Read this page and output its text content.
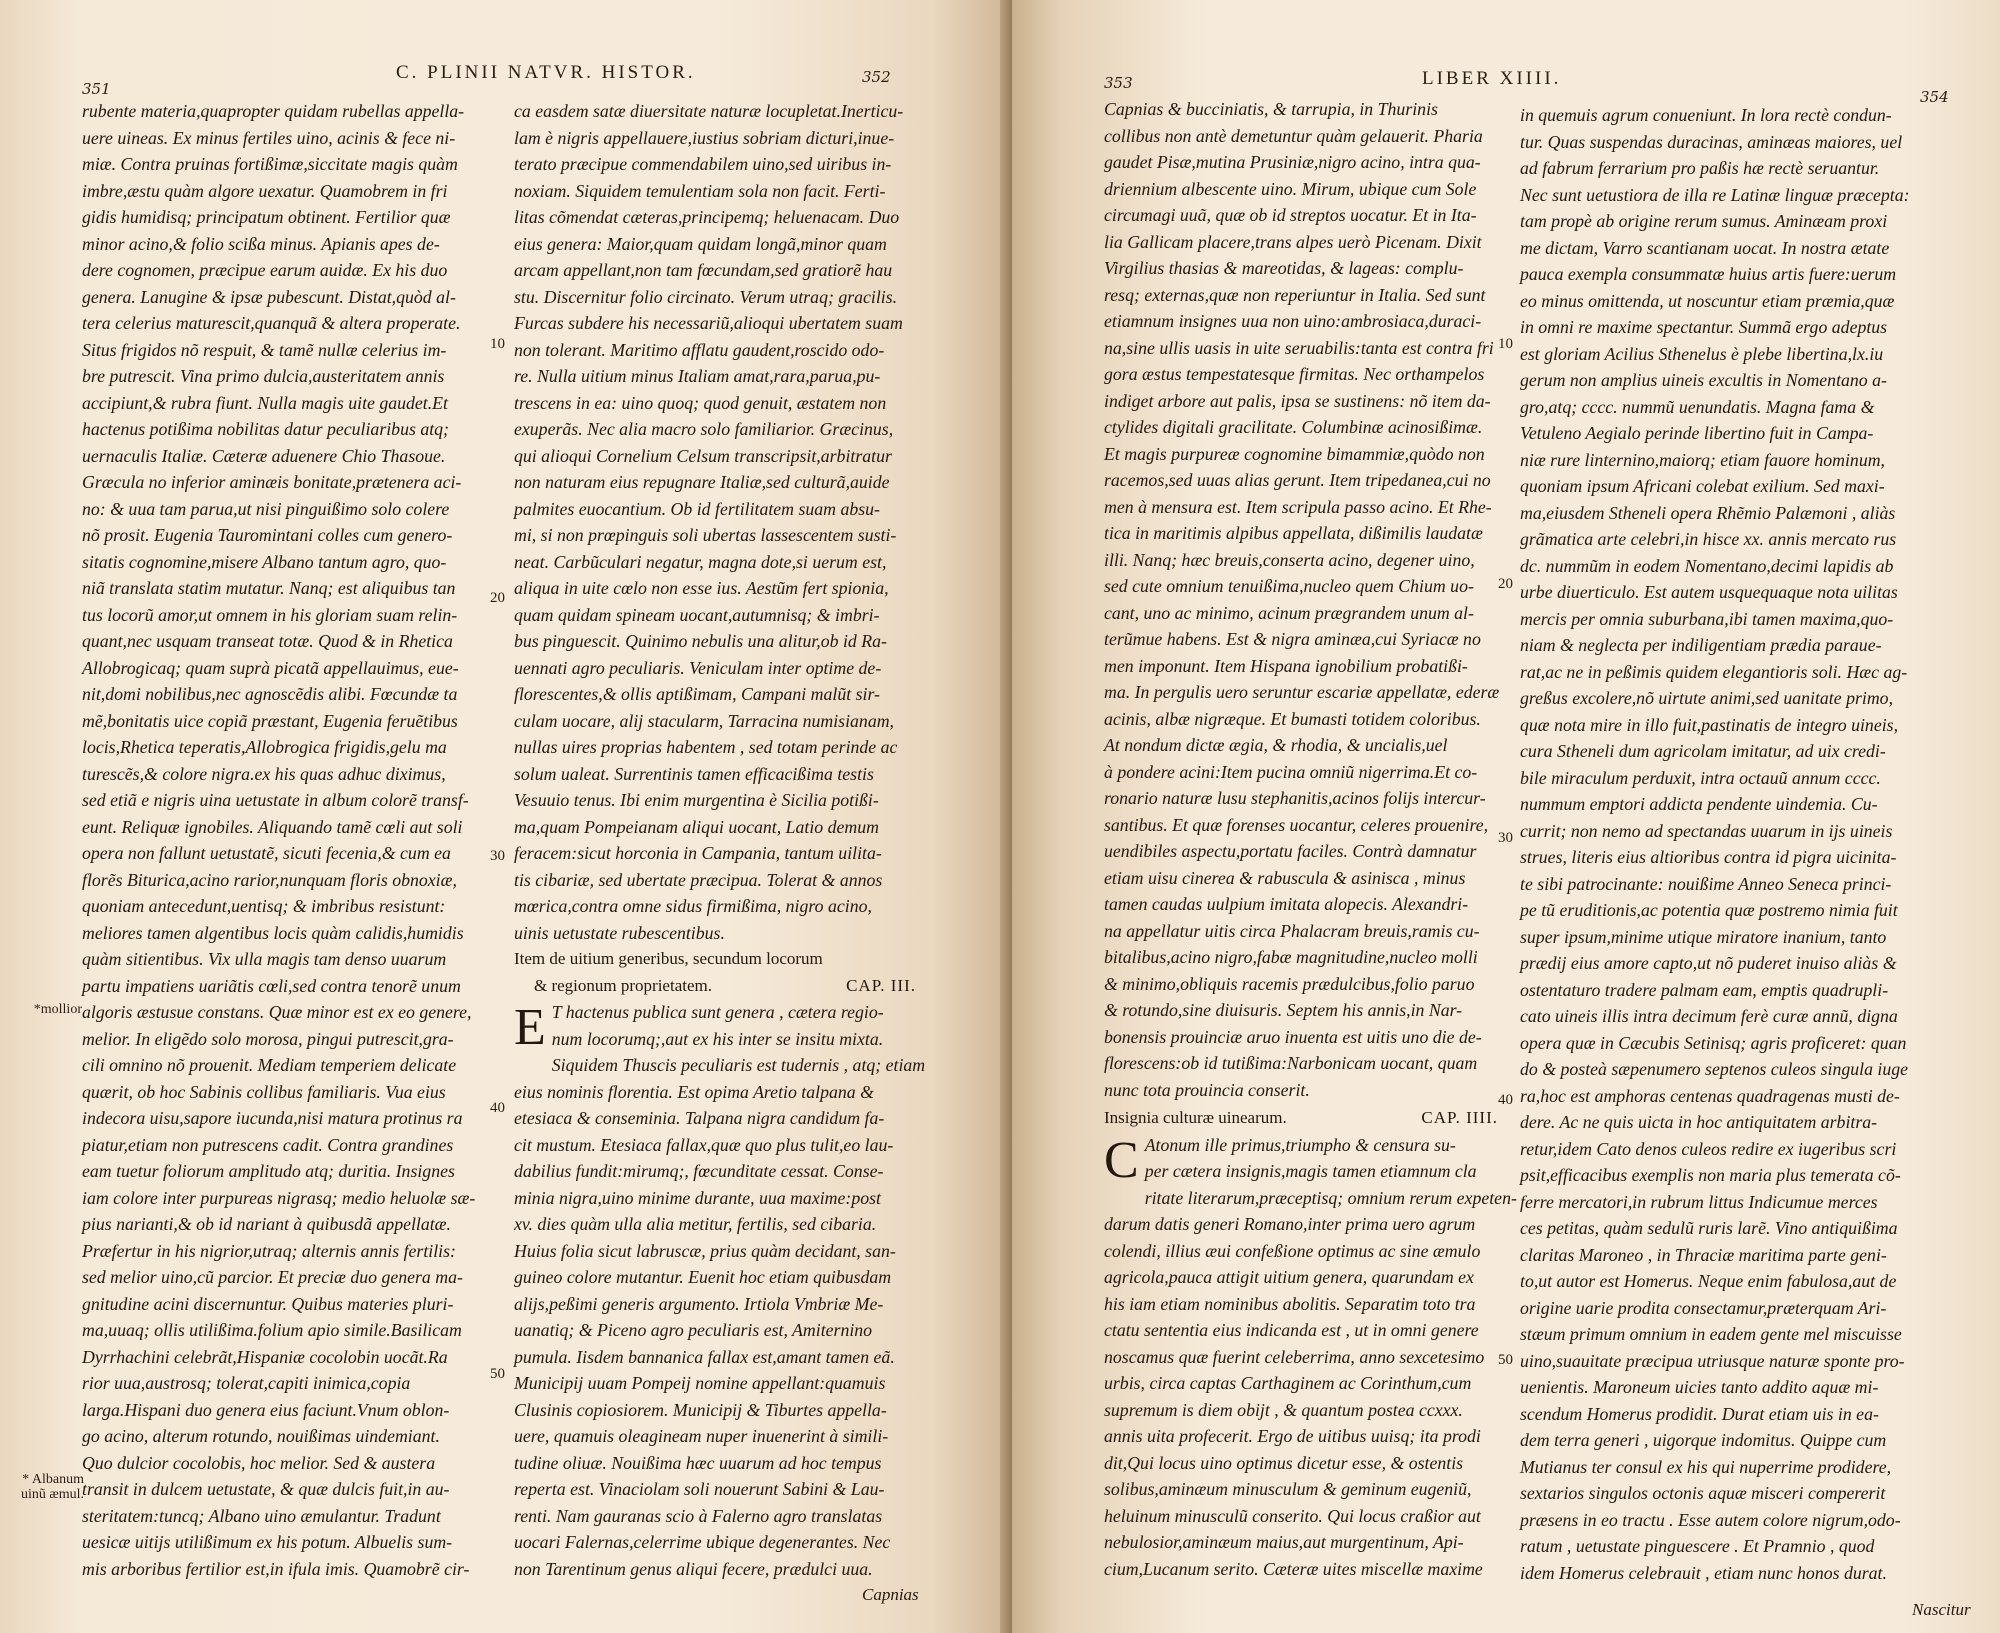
351
C. PLINII NATVR. HISTOR.	352
rubente materia,quapropter quidam rubellas appella-
uere uineas. Ex minus fertiles uino, acinis & fece ni-
miæ. Contra pruinas fortißimæ,siccitate magis quàm
imbre,æstu quàm algore uexatur. Quamobrem in fri
gidis humidisq; principatum obtinent. Fertilior quæ
minor acino,& folio scißa minus. Apianis apes de-
dere cognomen, præcipue earum auidæ. Ex his duo
genera. Lanugine & ipsæ pubescunt. Distat,quòd al-
tera celerius maturescit,quanquã & altera properate.
Situs frigidos nõ respuit, & tamẽ nullæ celerius im-
bre putrescit. Vina primo dulcia,austeritatem annis
accipiunt,& rubra fiunt. Nulla magis uite gaudet.Et
hactenus potißima nobilitas datur peculiaribus atq;
uernaculis Italiæ. Cæteræ aduenere Chio Thasoue.
Græcula no inferior aminæis bonitate,prætenera aci-
no: & uua tam parua,ut nisi pinguißimo solo colere
nõ prosit. Eugenia Tauromintani colles cum genero-
sitatis cognomine,misere Albano tantum agro, quo-
niã translata statim mutatur. Nanq; est aliquibus tan
tus locorũ amor,ut omnem in his gloriam suam relin-
quant,nec usquam transeat totæ. Quod & in Rhetica
Allobrogicaq; quam suprà picatã appellauimus, eue-
nit,domi nobilibus,nec agnoscẽdis alibi. Fœcundæ ta
mẽ,bonitatis uice copiã præstant, Eugenia feruẽtibus
locis,Rhetica teperatis,Allobrogica frigidis,gelu ma
turescẽs,& colore nigra.ex his quas adhuc diximus,
sed etiã e nigris uina uetustate in album colorẽ transf-
eunt. Reliquæ ignobiles. Aliquando tamẽ cœli aut soli
opera non fallunt uetustatẽ, sicuti fecenia,& cum ea
florẽs Biturica,acino rarior,nunquam floris obnoxiæ,
quoniam antecedunt,uentisq; & imbribus resistunt:
meliores tamen algentibus locis quàm calidis,humidis
quàm sitientibus. Vix ulla magis tam denso uuarum
partu impatiens uariãtis cœli,sed contra tenorẽ unum
algoris æstusue constans. Quæ minor est ex eo genere,
melior. In eligẽdo solo morosa, pingui putrescit,gra-
cili omnino nõ prouenit. Mediam temperiem delicate
quærit, ob hoc Sabinis collibus familiaris. Vua eius
indecora uisu,sapore iucunda,nisi matura protinus ra
piatur,etiam non putrescens cadit. Contra grandines
eam tuetur foliorum amplitudo atq; duritia. Insignes
iam colore inter purpureas nigrasq; medio heluolæ sæ-
pius narianti,& ob id nariant à quibusdã appellatæ.
Præfertur in his nigrior,utraq; alternis annis fertilis:
sed melior uino,cũ parcior. Et preciæ duo genera ma-
gnitudine acini discernuntur. Quibus materies pluri-
ma,uuaq; ollis utilißima.folium apio simile.Basilicam
Dyrrhachini celebrãt,Hispaniæ cocolobin uocãt.Ra
rior uua,austrosq; tolerat,capiti inimica,copia
larga.Hispani duo genera eius faciunt.Vnum oblon-
go acino, alterum rotundo, nouißimas uindemiant.
Quo dulcior cocolobis, hoc melior. Sed & austera
transit in dulcem uetustate, & quæ dulcis fuit,in au-
steritatem:tuncq; Albano uino æmulantur. Tradunt
uesicæ uitijs utilißimum ex his potum. Albuelis sum-
mis arboribus fertilior est,in ifula imis. Quamobrẽ cir-
ca easdem satæ diuersitate naturæ locupletat.Inerticu-
lam è nigris appellauere,iustius sobriam dicturi,inue-
terato præcipue commendabilem uino,sed uiribus in-
noxiam. Siquidem temulentiam sola non facit. Ferti-
litas cõmendat cæteras,principemq; heluenacam. Duo
eius genera: Maior,quam quidam longã,minor quam
arcam appellant,non tam fœcundam,sed gratiorẽ hau
stu. Discernitur folio circinato. Verum utraq; gracilis.
Furcas subdere his necessariũ,alioqui ubertatem suam
non tolerant. Maritimo afflatu gaudent,roscido odo-
re. Nulla uitium minus Italiam amat,rara,parua,pu-
trescens in ea: uino quoq; quod genuit, æstatem non
exuperãs. Nec alia macro solo familiarior. Græcinus,
qui alioqui Cornelium Celsum transcripsit,arbitratur
non naturam eius repugnare Italiæ,sed culturã,auide
palmites euocantium. Ob id fertilitatem suam absu-
mi, si non prœpinguis soli ubertas lassescentem susti-
neat. Carbũculari negatur, magna dote,si uerum est,
aliqua in uite cœlo non esse ius. Aestũm fert spionia,
quam quidam spineam uocant,autumnisq; & imbri-
bus pinguescit. Quinimo nebulis una alitur,ob id Ra-
uennati agro peculiaris. Veniculam inter optime de-
florescentes,& ollis aptißimam, Campani malũt sir-
culam uocare, alij stacularm, Tarracina numisianam,
nullas uires proprias habentem , sed totam perinde ac
solum ualeat. Surrentinis tamen efficacißima testis
Vesuuio tenus. Ibi enim murgentina è Sicilia potißi-
ma,quam Pompeianam aliqui uocant, Latio demum
feracem:sicut horconia in Campania, tantum uilita-
tis cibariæ, sed ubertate præcipua. Tolerat & annos
mœrica,contra omne sidus firmißima, nigro acino,
uinis uetustate rubescentibus.
Item de uitium generibus, secundum locorum
& regionum proprietatem.	CAP. III.
E T hactenus publica sunt genera , cætera regio-
num locorumq;,aut ex his inter se insitu mixta.
Siquidem Thuscis peculiaris est tudernis , atq; etiam
eius nominis florentia. Est opima Aretio talpana &
etesiaca & conseminia. Talpana nigra candidum fa-
cit mustum. Etesiaca fallax,quæ quo plus tulit,eo lau-
dabilius fundit:mirumq;, fœcunditate cessat. Conse-
minia nigra,uino minime durante, uua maxime:post
xv. dies quàm ulla alia metitur, fertilis, sed cibaria.
Huius folia sicut labruscæ, prius quàm decidant, san-
guineo colore mutantur. Euenit hoc etiam quibusdam
alijs,peßimi generis argumento. Irtiola Vmbriæ Me-
uanatiq; & Piceno agro peculiaris est, Amiternino
pumula. Iisdem bannanica fallax est,amant tamen eã.
Municipij uuam Pompeij nomine appellant:quamuis
Clusinis copiosiorem. Municipij & Tiburtes appella-
uere, quamuis oleagineam nuper inuenerint à simili-
tudine oliuæ. Nouißima hæc uuarum ad hoc tempus
reperta est. Vinaciolam soli nouerunt Sabini & Lau-
renti. Nam gauranas scio à Falerno agro translatas
uocari Falernas,celerrime ubique degenerantes. Nec
non Tarentinum genus aliqui fecere, prædulci uua.
10
20
30
40
50
*mollior
* Albanum
uinũ æmul.
Capnias
353	LIBER XIIII.
354
Capnias & bucciniatis, & tarrupia, in Thurinis
collibus non antè demetuntur quàm gelauerit. Pharia
gaudet Pisæ,mutina Prusiniæ,nigro acino, intra qua-
driennium albescente uino. Mirum, ubique cum Sole
circumagi uuã, quæ ob id streptos uocatur. Et in Ita-
lia Gallicam placere,trans alpes uerò Picenam. Dixit
Virgilius thasias & mareotidas, & lageas: complu-
resq; externas,quæ non reperiuntur in Italia. Sed sunt
etiamnum insignes uua non uino:ambrosiaca,duraci-
na,sine ullis uasis in uite seruabilis:tanta est contra fri
gora æstus tempestatesque firmitas. Nec orthampelos
indiget arbore aut palis, ipsa se sustinens: nõ item da-
ctylides digitali gracilitate. Columbinæ acinosißimæ.
Et magis purpureæ cognomine bimammiæ,quòdo non
racemos,sed uuas alias gerunt. Item tripedanea,cui no
men à mensura est. Item scripula passo acino. Et Rhe-
tica in maritimis alpibus appellata, dißimilis laudatæ
illi. Nanq; hæc breuis,conserta acino, degener uino,
sed cute omnium tenuißima,nucleo quem Chium uo-
cant, uno ac minimo, acinum prægrandem unum al-
terũmue habens. Est & nigra aminæa,cui Syriacæ no
men imponunt. Item Hispana ignobilium probatißi-
ma. In pergulis uero seruntur escariæ appellatæ, ederæ
acinis, albæ nigræque. Et bumasti totidem coloribus.
At nondum dictæ ægia, & rhodia, & uncialis,uel
à pondere acini:Item pucina omniũ nigerrima.Et co-
ronario naturæ lusu stephanitis,acinos folijs intercur-
santibus. Et quæ forenses uocantur, celeres prouenire,
uendibiles aspectu,portatu faciles. Contrà damnatur
etiam uisu cinerea & rabuscula & asinisca , minus
tamen caudas uulpium imitata alopecis. Alexandri-
na appellatur uitis circa Phalacram breuis,ramis cu-
bitalibus,acino nigro,fabæ magnitudine,nucleo molli
& minimo,obliquis racemis prædulcibus,folio paruo
& rotundo,sine diuisuris. Septem his annis,in Nar-
bonensis prouinciæ aruo inuenta est uitis uno die de-
florescens:ob id tutißima:Narbonicam uocant, quam
nunc tota prouincia conserit.
Insignia culturæ uinearum.	CAP. IIII.
C Atonum ille primus,triumpho & censura su-
per cætera insignis,magis tamen etiamnum cla
ritate literarum,præceptisq; omnium rerum expeten-
darum datis generi Romano,inter prima uero agrum
colendi, illius æui confeßione optimus ac sine æmulo
agricola,pauca attigit uitium genera, quarundam ex
his iam etiam nominibus abolitis. Separatim toto tra
ctatu sententia eius indicanda est , ut in omni genere
noscamus quæ fuerint celeberrima, anno sexcetesimo
urbis, circa captas Carthaginem ac Corinthum,cum
supremum is diem obijt , & quantum postea ccxxx.
annis uita profecerit. Ergo de uitibus uuisq; ita prodi
dit,Qui locus uino optimus dicetur esse, & ostentis
solibus,aminæum minusculum & geminum eugeniũ,
heluinum minusculũ conserito. Qui locus craßior aut
nebulosior,aminæum maius,aut murgentinum, Api-
cium,Lucanum serito. Cæteræ uites miscellæ maxime
in quemuis agrum conueniunt. In lora rectè condun-
tur. Quas suspendas duracinas, aminæas maiores, uel
ad fabrum ferrarium pro paßis hæ rectè seruantur.
Nec sunt uetustiora de illa re Latinæ linguæ præcepta:
tam propè ab origine rerum sumus. Aminæam proxi
me dictam, Varro scantianam uocat. In nostra ætate
pauca exempla consummatæ huius artis fuere:uerum
eo minus omittenda, ut noscuntur etiam præmia,quæ
in omni re maxime spectantur. Summã ergo adeptus
est gloriam Acilius Sthenelus è plebe libertina,lx.iu
gerum non amplius uineis excultis in Nomentano a-
gro,atq; cccc. nummũ uenundatis. Magna fama &
Vetuleno Aegialo perinde libertino fuit in Campa-
niæ rure linternino,maiorq; etiam fauore hominum,
quoniam ipsum Africani colebat exilium. Sed maxi-
ma,eiusdem Stheneli opera Rhẽmio Palæmoni , aliàs
grãmatica arte celebri,in hisce xx. annis mercato rus
dc. nummũm in eodem Nomentano,decimi lapidis ab
urbe diuerticulo. Est autem usquequaque nota uilitas
mercis per omnia suburbana,ibi tamen maxima,quo-
niam & neglecta per indiligentiam prædia paraue-
rat,ac ne in peßimis quidem elegantioris soli. Hæc ag-
greßus excolere,nõ uirtute animi,sed uanitate primo,
quæ nota mire in illo fuit,pastinatis de integro uineis,
cura Stheneli dum agricolam imitatur, ad uix credi-
bile miraculum perduxit, intra octauũ annum cccc.
nummum emptori addicta pendente uindemia. Cu-
currit; non nemo ad spectandas uuarum in ijs uineis
strues, literis eius altioribus contra id pigra uicinita-
te sibi patrocinante: nouißime Anneo Seneca princi-
pe tũ eruditionis,ac potentia quæ postremo nimia fuit
super ipsum,minime utique miratore inanium, tanto
prædij eius amore capto,ut nõ puderet inuiso aliàs &
ostentaturo tradere palmam eam, emptis quadrupli-
cato uineis illis intra decimum ferè curæ annũ, digna
opera quæ in Cæcubis Setinisq; agris proficeret: quan
do & posteà sæpenumero septenos culeos singula iuge
ra,hoc est amphoras centenas quadragenas musti de-
dere. Ac ne quis uicta in hoc antiquitatem arbitra-
retur,idem Cato denos culeos redire ex iugeribus scri
psit,efficacibus exemplis non maria plus temerata cõ-
ferre mercatori,in rubrum littus Indicumue merces
ces petitas, quàm sedulũ ruris larẽ. Vino antiquißima
claritas Maroneo , in Thraciæ maritima parte geni-
to,ut autor est Homerus. Neque enim fabulosa,aut de
origine uarie prodita consectamur,præterquam Ari-
stæum primum omnium in eadem gente mel miscuisse
uino,suauitate præcipua utriusque naturæ sponte pro-
uenientis. Maroneum uicies tanto addito aquæ mi-
scendum Homerus prodidit. Durat etiam uis in ea-
dem terra generi , uigorque indomitus. Quippe cum
Mutianus ter consul ex his qui nuperrime prodidere,
sextarios singulos octonis aquæ misceri compererit
præsens in eo tractu . Esse autem colore nigrum,odo-
ratum , uetustate pinguescere . Et Pramnio , quod
idem Homerus celebrauit , etiam nunc honos durat.
10
20
30
40
50
Nascitur
